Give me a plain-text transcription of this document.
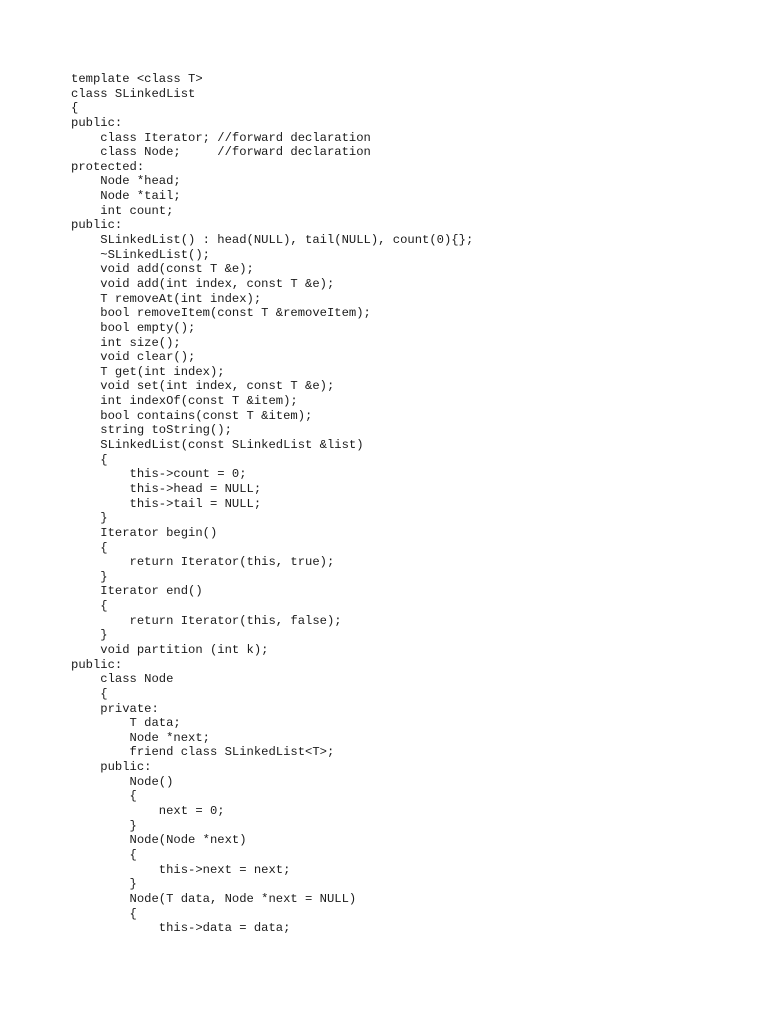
template <class T>
class SLinkedList
{
public:
class Iterator; //forward declaration
class Node;     //forward declaration
protected:
Node *head;
Node *tail;
int count;
public:
SLinkedList() : head(NULL), tail(NULL), count(0){};
~SLinkedList();
void add(const T &e);
void add(int index, const T &e);
T removeAt(int index);
bool removeItem(const T &removeItem);
bool empty();
int size();
void clear();
T get(int index);
void set(int index, const T &e);
int indexOf(const T &item);
bool contains(const T &item);
string toString();
SLinkedList(const SLinkedList &list)
{
this->count = 0;
this->head = NULL;
this->tail = NULL;
}
Iterator begin()
{
return Iterator(this, true);
}
Iterator end()
{
return Iterator(this, false);
}
void partition (int k);
public:
class Node
{
private:
T data;
Node *next;
friend class SLinkedList<T>;
public:
Node()
{
next = 0;
}
Node(Node *next)
{
this->next = next;
}
Node(T data, Node *next = NULL)
{
this->data = data;
